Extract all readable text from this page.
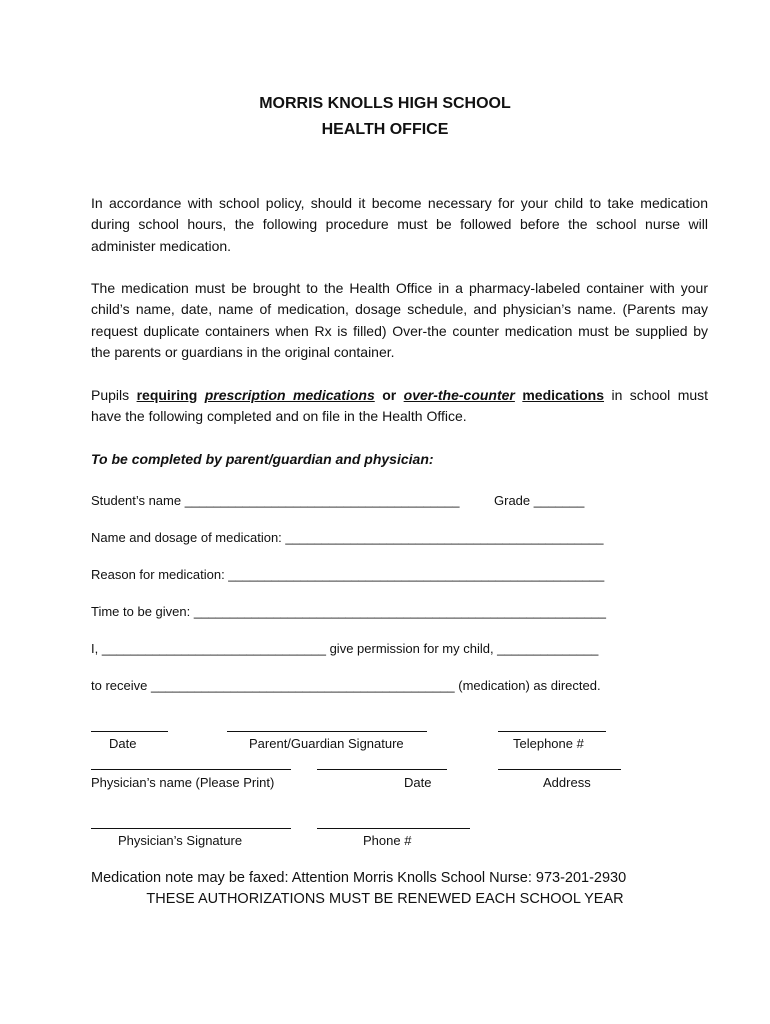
MORRIS KNOLLS HIGH SCHOOL
HEALTH OFFICE
In accordance with school policy, should it become necessary for your child to take medication during school hours, the following procedure must be followed before the school nurse will administer medication.
The medication must be brought to the Health Office in a pharmacy-labeled container with your child’s name, date, name of medication, dosage schedule, and physician’s name. (Parents may request duplicate containers when Rx is filled) Over-the counter medication must be supplied by the parents or guardians in the original container.
Pupils requiring prescription medications or over-the-counter medications in school must have the following completed and on file in the Health Office.
To be completed by parent/guardian and physician:
Student’s name ______________________________________	Grade _______
Name and dosage of medication: ____________________________________________
Reason for medication: ____________________________________________________
Time to be given: _________________________________________________________
I, _______________________________ give permission for my child, ______________
to receive __________________________________________ (medication) as directed.
Date	Parent/Guardian Signature	Telephone #
Physician’s name (Please Print)	Date	Address
Physician’s Signature	Phone #
Medication note may be faxed: Attention Morris Knolls School Nurse: 973-201-2930
THESE AUTHORIZATIONS MUST BE RENEWED EACH SCHOOL YEAR
